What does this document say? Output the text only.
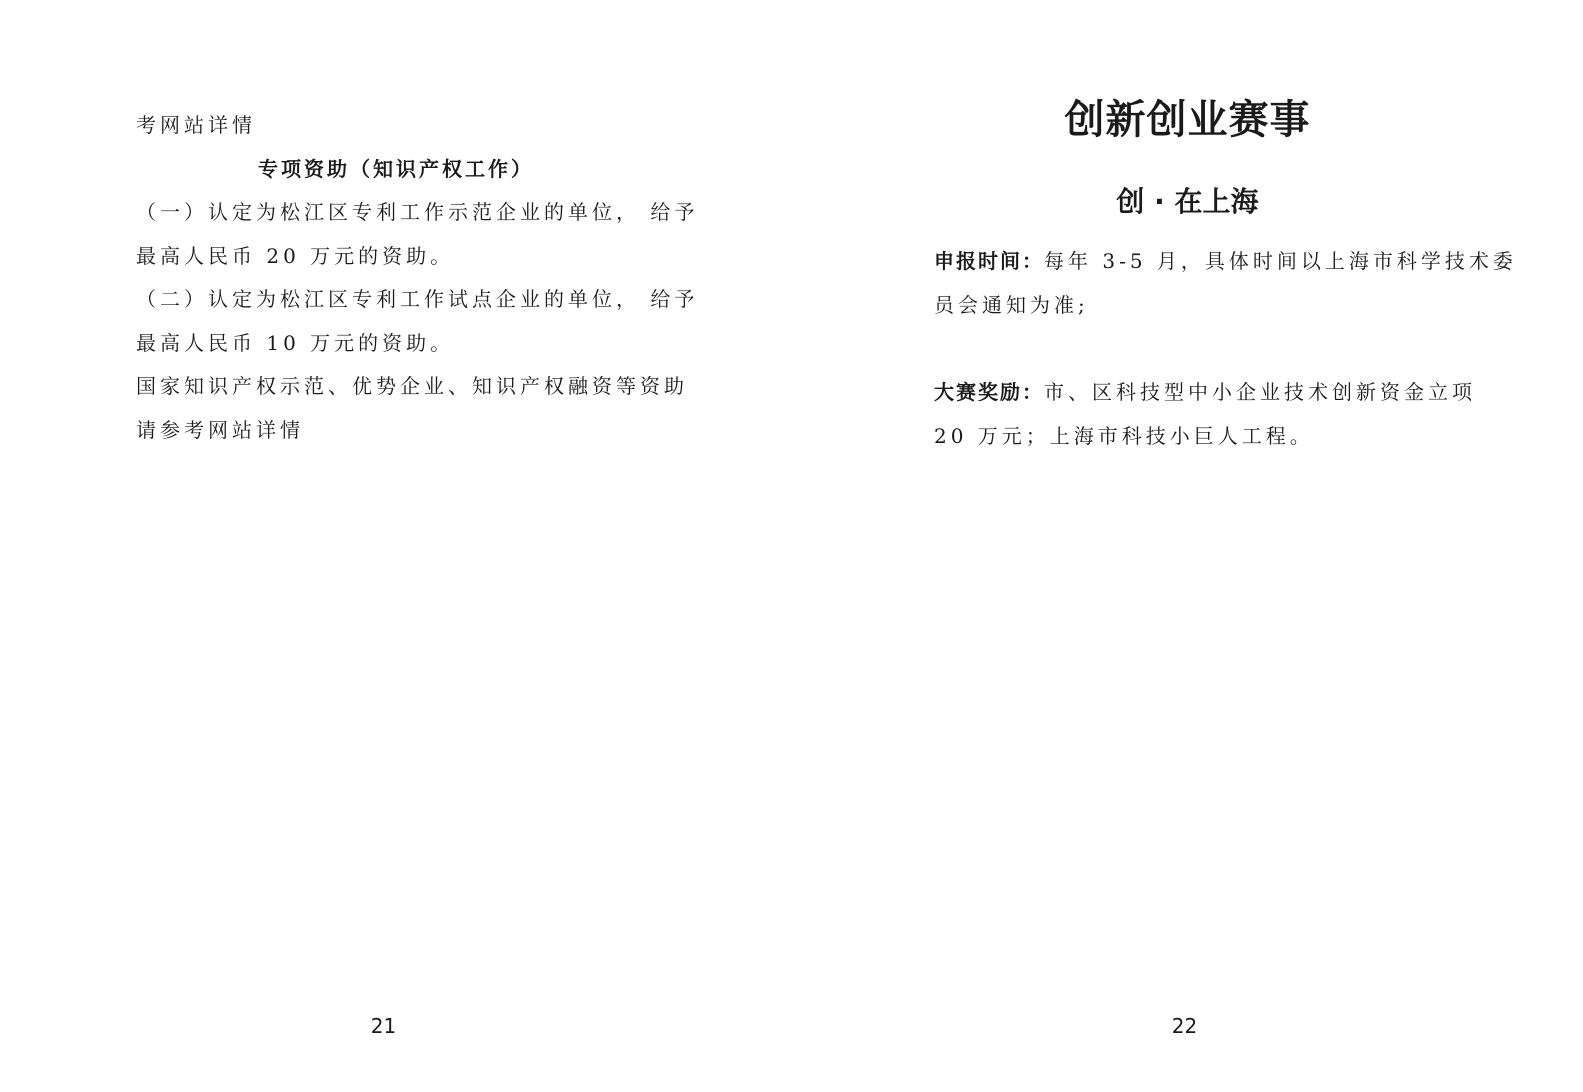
考网站详情
专项资助（知识产权工作）
（一）认定为松江区专利工作示范企业的单位， 给予
最高人民币 20 万元的资助。
（二）认定为松江区专利工作试点企业的单位， 给予
最高人民币 10 万元的资助。
国家知识产权示范、优势企业、知识产权融资等资助
请参考网站详情

21

创新创业赛事
创 · 在上海
申报时间：每年 3-5 月，具体时间以上海市科学技术委
员会通知为准;
大赛奖励：市、区科技型中小企业技术创新资金立项
20 万元；上海市科技小巨人工程。

22
